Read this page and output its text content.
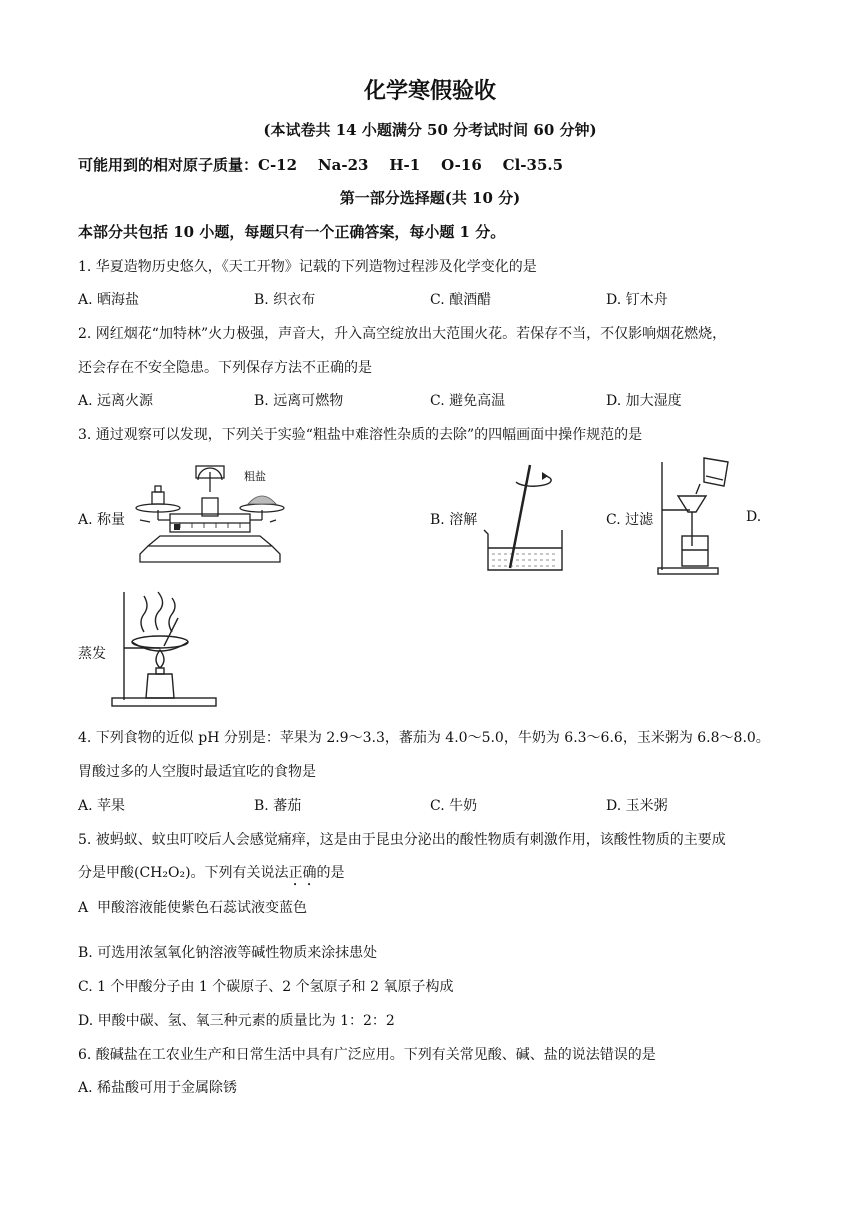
化学寒假验收
(本试卷共 14 小题满分 50 分考试时间 60 分钟)
可能用到的相对原子质量：C-12    Na-23    H-1    O-16    Cl-35.5
第一部分选择题(共 10 分)
本部分共包括 10 小题，每题只有一个正确答案，每小题 1 分。
1. 华夏造物历史悠久，《天工开物》记载的下列造物过程涉及化学变化的是
A. 晒海盐	B. 织衣布	C. 酿酒醋	D. 钉木舟
2. 网红烟花“加特林”火力极强，声音大，升入高空绽放出大范围火花。若保存不当，不仅影响烟花燃烧，
还会存在不安全隐患。下列保存方法不正确的是
A. 远离火源	B. 远离可燃物	C. 避免高温	D. 加大湿度
3. 通过观察可以发现，下列关于实验“粗盐中难溶性杂质的去除”的四幅画面中操作规范的是
A. 称量
粗盐
B. 溶解	C. 过滤	D.
蒸发
4. 下列食物的近似 pH 分别是：苹果为 2.9～3.3，蕃茄为 4.0～5.0，牛奶为 6.3～6.6，玉米粥为 6.8～8.0。
胃酸过多的人空腹时最适宜吃的食物是
A. 苹果	B. 蕃茄	C. 牛奶	D. 玉米粥
5. 被蚂蚁、蚊虫叮咬后人会感觉痛痒，这是由于昆虫分泌出的酸性物质有刺激作用，该酸性物质的主要成
分是甲酸(CH₂O₂)。下列有关说法正确的是
A  甲酸溶液能使紫色石蕊试液变蓝色
B. 可选用浓氢氧化钠溶液等碱性物质来涂抹患处
C. 1 个甲酸分子由 1 个碳原子、2 个氢原子和 2 氧原子构成
D. 甲酸中碳、氢、氧三种元素的质量比为 1：2：2
6. 酸碱盐在工农业生产和日常生活中具有广泛应用。下列有关常见酸、碱、盐的说法错误的是
A. 稀盐酸可用于金属除锈
